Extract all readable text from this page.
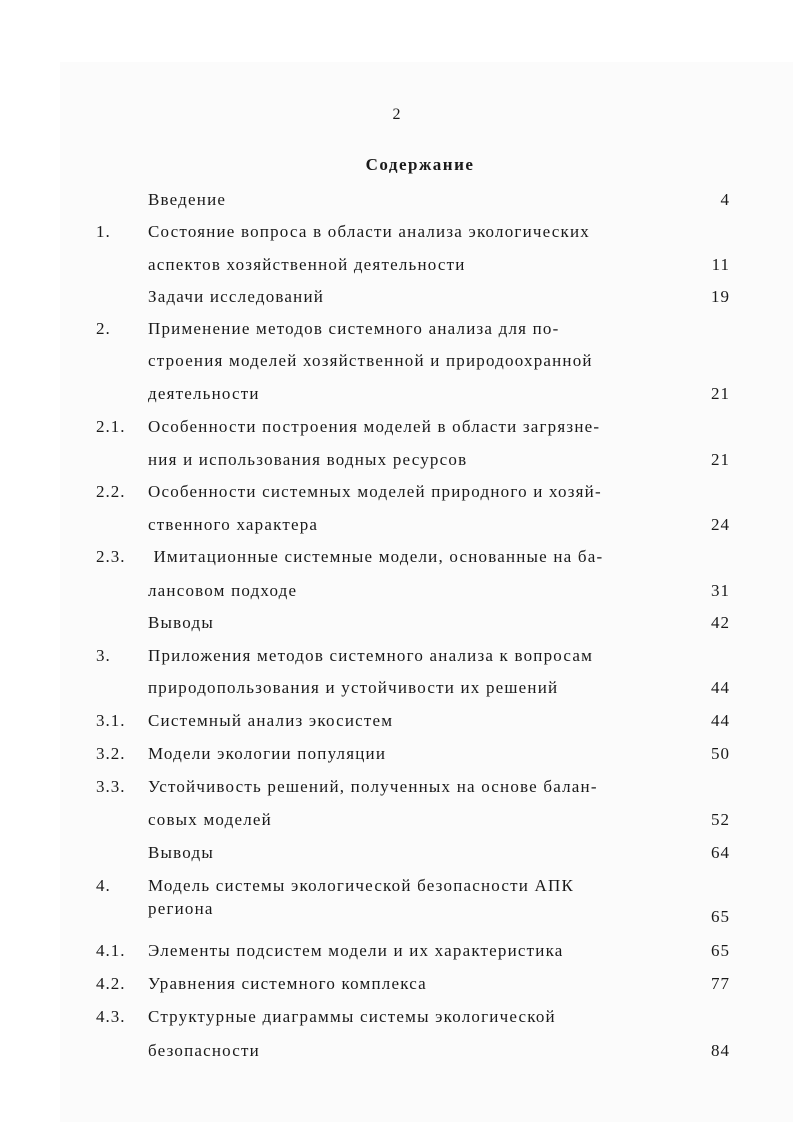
2
Содержание
Введение	4
1. Состояние вопроса в области анализа экологических
аспектов хозяйственной деятельности	11
Задачи исследований	19
2. Применение методов системного анализа для по-
строения моделей хозяйственной и природоохранной
деятельности	21
2.1. Особенности построения моделей в области загрязне-
ния и использования водных ресурсов	21
2.2. Особенности системных моделей природного и хозяй-
ственного характера	24
2.3. Имитационные системные модели, основанные на ба-
лансовом подходе	31
Выводы	42
3. Приложения методов системного анализа к вопросам
природопользования и устойчивости их решений	44
3.1. Системный анализ экосистем	44
3.2. Модели экологии популяции	50
3.3. Устойчивость решений, полученных на основе балан-
совых моделей	52
Выводы	64
4. Модель системы экологической безопасности АПК
региона	65
4.1. Элементы подсистем модели и их характеристика	65
4.2. Уравнения системного комплекса	77
4.3. Структурные диаграммы системы экологической
безопасности	84
